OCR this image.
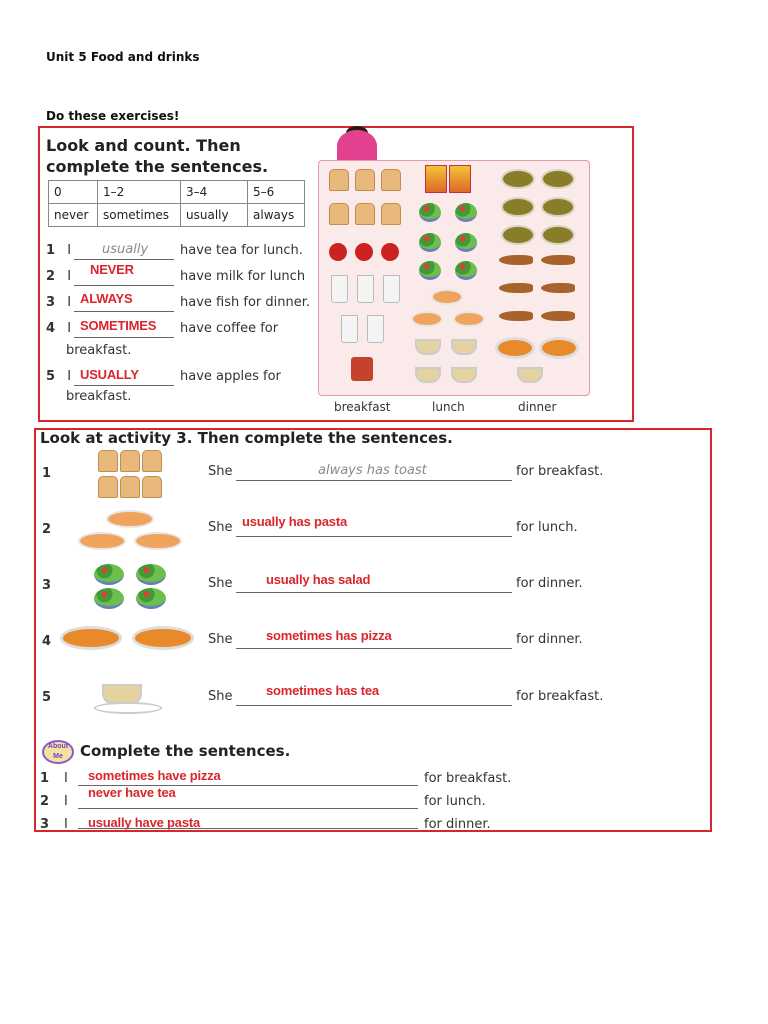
Unit 5 Food and drinks
Do these exercises!
Look and count. Then
complete the sentences.
0	1–2	3–4	5–6
never	sometimes	usually	always
1 I usually have tea for lunch.
2 I NEVER	have milk for lunch
3 I ALWAYS	have fish for dinner.
4 I SOMETIMES have coffee for
breakfast.
5 I USUALLY	have apples for
breakfast.
breakfast	lunch	dinner
Look at activity 3. Then complete the sentences.
1	She	always has toast	for breakfast.
2	She usually has pasta	for lunch.
3	She	usually has salad	for dinner.
4	She	sometimes has pizza	for dinner.
5	She	sometimes has tea	for breakfast.
About Me	Complete the sentences.
1 I sometimes have pizza	for breakfast.
2 I
never have tea
for lunch.
3 I usually have pasta	for dinner.
